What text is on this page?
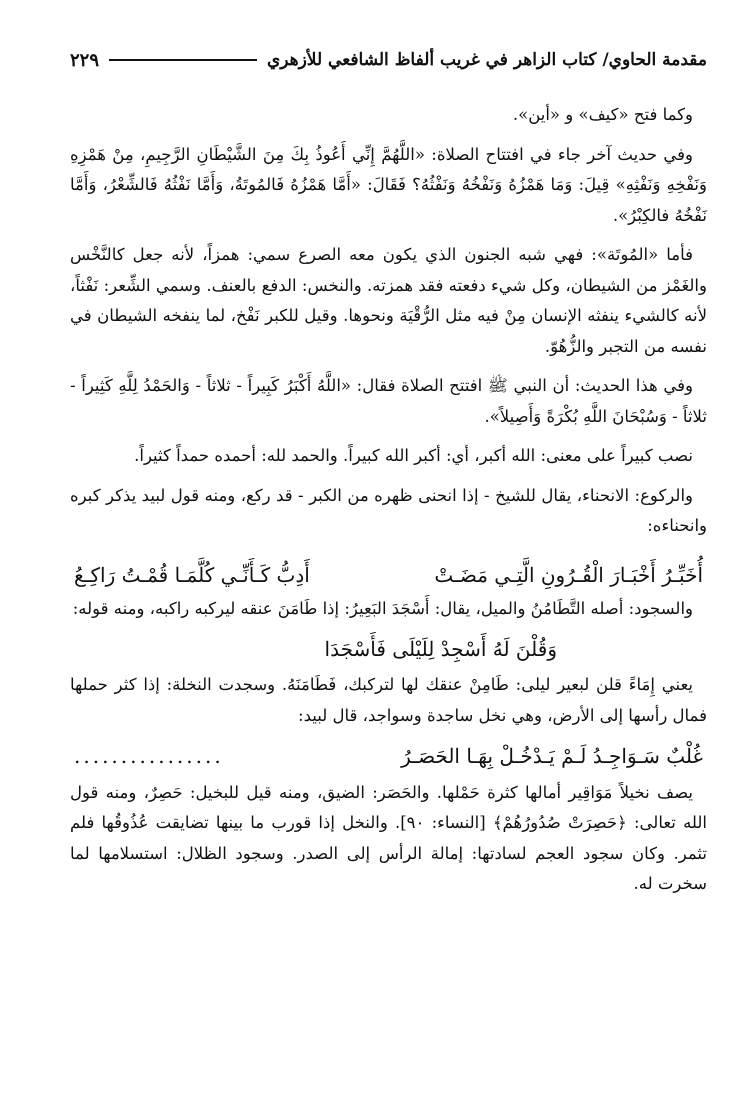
مقدمة الحاوي/ كتاب الزاهر في غريب ألفاظ الشافعي للأزهري
٢٢٩

وكما فتح «كيف» و «أين».

وفي حديث آخر جاء في افتتاح الصلاة: «اللَّهُمَّ إِنِّي أَعُوذُ بِكَ مِنَ الشَّيْطَانِ الرَّجِيمِ، مِنْ هَمْزِهِ وَنَفْخِهِ وَنَفْثِهِ» قِيلَ: وَمَا هَمْزُهُ وَنَفْخُهُ وَنَفْثُهُ؟ فَقَالَ: «أَمَّا هَمْزُهُ فَالمُوتَةُ، وَأَمَّا نَفْثُهُ فَالشِّعْرُ، وَأَمَّا نَفْخُهُ فالكِبْرُ».

فأما «المُوتَة»: فهي شبه الجنون الذي يكون معه الصرع سمي: همزاً، لأنه جعل كالنَّخْس والغَمْز من الشيطان، وكل شيء دفعته فقد همزته. والنخس: الدفع بالعنف. وسمي الشِّعر: نَفْثاً، لأنه كالشيء ينفثه الإنسان مِنْ فيه مثل الرُّقْيَة ونحوها. وقيل للكبر نَفْخ، لما ينفخه الشيطان في نفسه من التجبر والزُّهُوّ.

وفي هذا الحديث: أن النبي ﷺ افتتح الصلاة فقال: «اللَّهُ أَكْبَرُ كَبِيراً - ثلاثاً - وَالحَمْدُ لِلَّهِ كَثِيراً - ثلاثاً - وَسُبْحَانَ اللَّهِ بُكْرَةً وَأَصِيلاً».

نصب كبيراً على معنى: الله أكبر، أي: أكبر الله كبيراً. والحمد لله: أحمده حمداً كثيراً.

والركوع: الانحناء، يقال للشيخ - إذا انحنى ظهره من الكبر - قد ركع، ومنه قول لبيد يذكر كبره وانحناءه:

أُخَبِّـرُ أَخْبَـارَ الْقُـرُونِ الَّتِـي مَضَـتْ
أَدِبُّ كَـأَنِّـي كُلَّمَـا قُمْـتُ رَاكِـعُ

والسجود: أصله التَّطَامُنُ والميل، يقال: أَسْجَدَ البَعِيرُ: إذا طَامَنَ عنقه ليركبه راكبه، ومنه قوله:

وَقُلْنَ لَهُ أَسْجِدْ لِلَيْلَى فَأَسْجَدَا

يعني إِمَاءً قلن لبعير ليلى: طَامِنْ عنقك لها لتركبك، فَطَامَنَهُ. وسجدت النخلة: إذا كثر حملها فمال رأسها إلى الأرض، وهي نخل ساجدة وسواجد، قال لبيد:

غُلْبٌ سَـوَاجِـدُ لَـمْ يَـدْخُـلْ بِهَـا الحَصَـرُ
................

يصف نخيلاً مَوَاقِير أمالها كثرة حَمْلها. والحَصَر: الضيق، ومنه قيل للبخيل: حَصِرٌ، ومنه قول الله تعالى: ﴿حَصِرَتْ صُدُورُهُمْ﴾ [النساء: ٩٠]. والنخل إذا قورب ما بينها تضايقت عُذُوقُها فلم تثمر. وكان سجود العجم لسادتها: إمالة الرأس إلى الصدر. وسجود الظلال: استسلامها لما سخرت له.
